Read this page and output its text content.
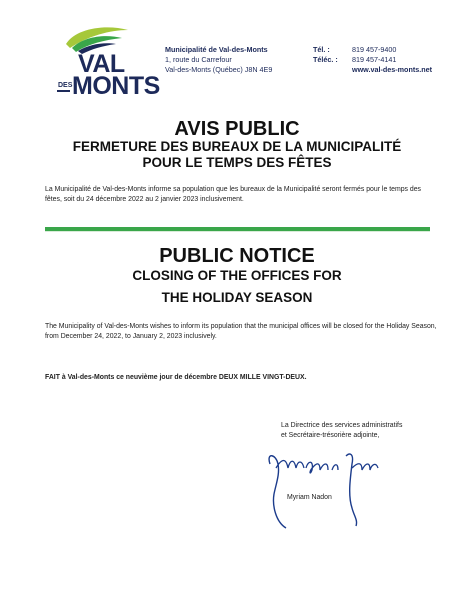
VAL
DES MONTS
Municipalité de Val-des-Monts
1, route du Carrefour
Val-des-Monts (Québec) J8N 4E9
Tél. :
Téléc. :
819 457-9400
819 457-4141
www.val-des-monts.net
AVIS PUBLIC
FERMETURE DES BUREAUX DE LA MUNICIPALITÉ
POUR LE TEMPS DES FÊTES
La Municipalité de Val-des-Monts informe sa population que les bureaux de la Municipalité seront fermés pour le temps des fêtes, soit du 24 décembre 2022 au 2 janvier 2023 inclusivement.
PUBLIC NOTICE
CLOSING OF THE OFFICES FOR
THE HOLIDAY SEASON
The Municipality of Val-des-Monts wishes to inform its population that the municipal offices will be closed for the Holiday Season, from December 24, 2022, to January 2, 2023 inclusively.
FAIT à Val-des-Monts ce neuvième jour de décembre DEUX MILLE VINGT-DEUX.
La Directrice des services administratifs
et Secrétaire-trésorière adjointe,
Myriam Nadon
